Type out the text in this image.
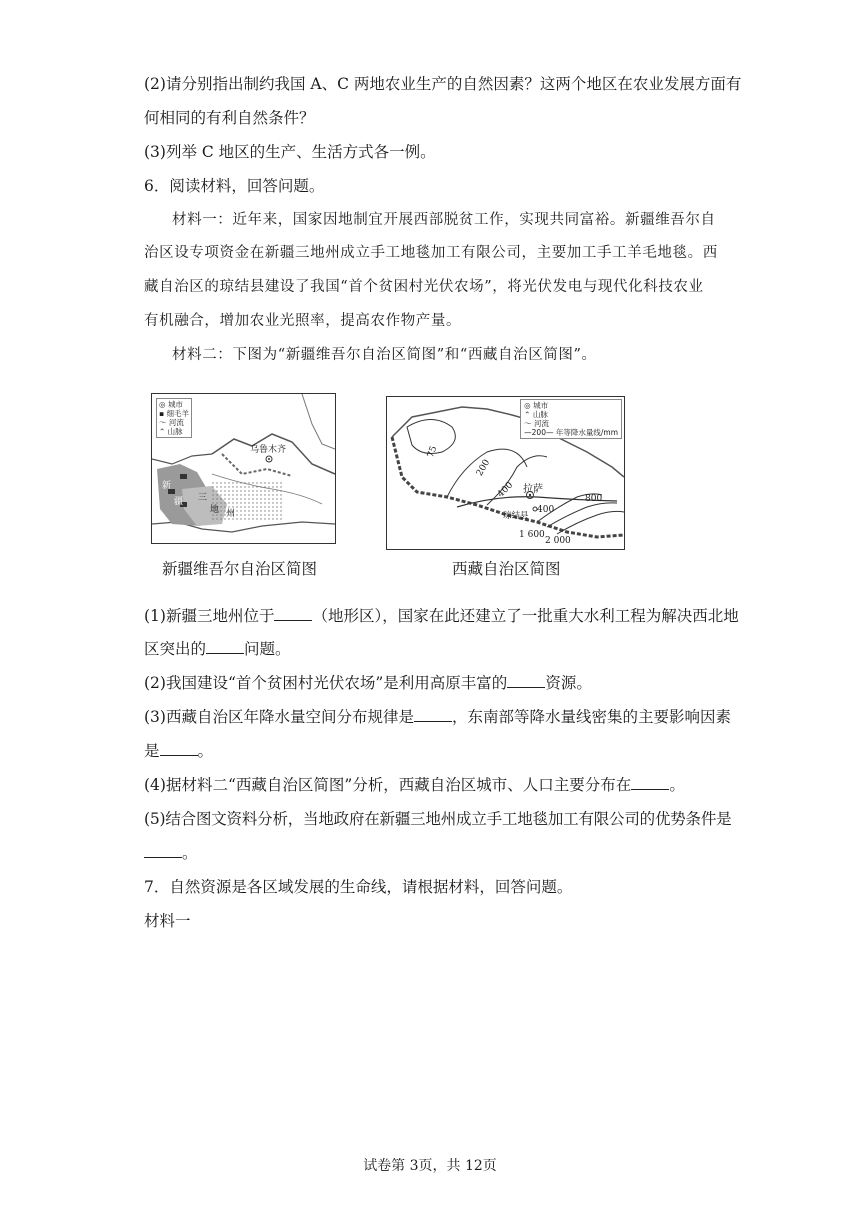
(2)请分别指出制约我国 A、C 两地农业生产的自然因素？这两个地区在农业发展方面有
何相同的有利自然条件？
(3)列举 C 地区的生产、生活方式各一例。
6．阅读材料，回答问题。
材料一：近年来，国家因地制宜开展西部脱贫工作，实现共同富裕。新疆维吾尔自
治区设专项资金在新疆三地州成立手工地毯加工有限公司，主要加工手工羊毛地毯。西
藏自治区的琼结县建设了我国“首个贫困村光伏农场”，将光伏发电与现代化科技农业
有机融合，增加农业光照率，提高农作物产量。
材料二：下图为“新疆维吾尔自治区简图”和“西藏自治区简图”。
◎ 城市
▪ 细毛羊
〜 河流
⌃ 山脉
乌鲁木齐
新
疆 三
地 州
新疆维吾尔自治区简图
◎ 城市
⌃ 山脉
〜 河流
—200— 年等降水量线/mm
75
200
400
400
800
1 600
2 000
拉萨
琼结县
西藏自治区简图
(1)新疆三地州位于 （地形区），国家在此还建立了一批重大水利工程为解决西北地
区突出的 问题。
(2)我国建设“首个贫困村光伏农场”是利用高原丰富的 资源。
(3)西藏自治区年降水量空间分布规律是 ，东南部等降水量线密集的主要影响因素
是 。
(4)据材料二“西藏自治区简图”分析，西藏自治区城市、人口主要分布在 。
(5)结合图文资料分析，当地政府在新疆三地州成立手工地毯加工有限公司的优势条件是
。
7．自然资源是各区域发展的生命线，请根据材料，回答问题。
材料一
试卷第 3页，共 12页
